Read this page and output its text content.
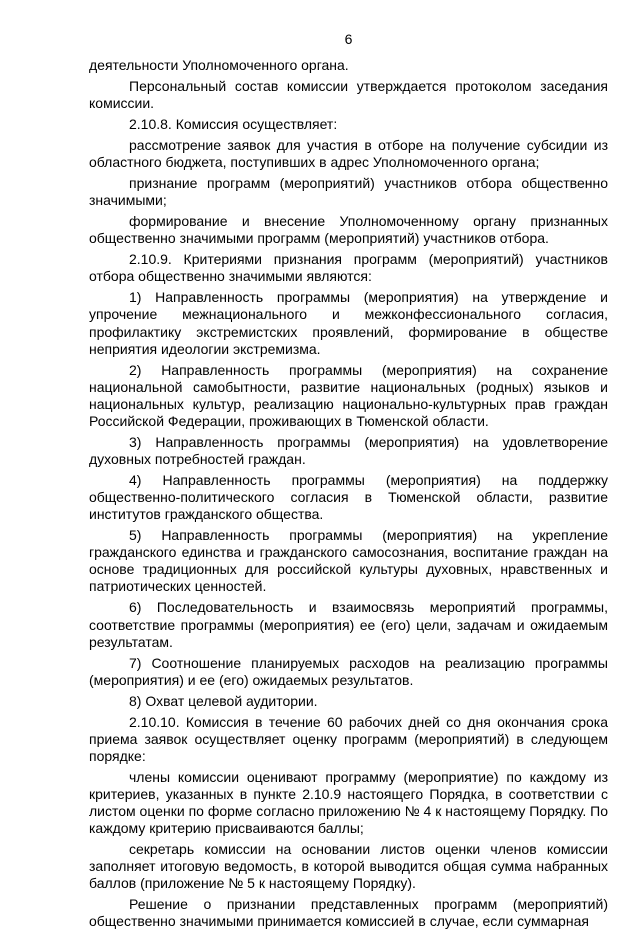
6

деятельности Уполномоченного органа.

Персональный состав комиссии утверждается протоколом заседания комиссии.

2.10.8. Комиссия осуществляет:

рассмотрение заявок для участия в отборе на получение субсидии из областного бюджета, поступивших в адрес Уполномоченного органа;

признание программ (мероприятий) участников отбора общественно значимыми;

формирование и внесение Уполномоченному органу признанных общественно значимыми программ (мероприятий) участников отбора.

2.10.9. Критериями признания программ (мероприятий) участников отбора общественно значимыми являются:

1) Направленность программы (мероприятия) на утверждение и упрочение межнационального и межконфессионального согласия, профилактику экстремистских проявлений, формирование в обществе неприятия идеологии экстремизма.

2) Направленность программы (мероприятия) на сохранение национальной самобытности, развитие национальных (родных) языков и национальных культур, реализацию национально-культурных прав граждан Российской Федерации, проживающих в Тюменской области.

3) Направленность программы (мероприятия) на удовлетворение духовных потребностей граждан.

4) Направленность программы (мероприятия) на поддержку общественно-политического согласия в Тюменской области, развитие институтов гражданского общества.

5) Направленность программы (мероприятия) на укрепление гражданского единства и гражданского самосознания, воспитание граждан на основе традиционных для российской культуры духовных, нравственных и патриотических ценностей.

6) Последовательность и взаимосвязь мероприятий программы, соответствие программы (мероприятия) ее (его) цели, задачам и ожидаемым результатам.

7) Соотношение планируемых расходов на реализацию программы (мероприятия) и ее (его) ожидаемых результатов.

8) Охват целевой аудитории.

2.10.10. Комиссия в течение 60 рабочих дней со дня окончания срока приема заявок осуществляет оценку программ (мероприятий) в следующем порядке:

члены комиссии оценивают программу (мероприятие) по каждому из критериев, указанных в пункте 2.10.9 настоящего Порядка, в соответствии с листом оценки по форме согласно приложению № 4 к настоящему Порядку. По каждому критерию присваиваются баллы;

секретарь комиссии на основании листов оценки членов комиссии заполняет итоговую ведомость, в которой выводится общая сумма набранных баллов (приложение № 5 к настоящему Порядку).

Решение о признании представленных программ (мероприятий) общественно значимыми принимается комиссией в случае, если суммарная
